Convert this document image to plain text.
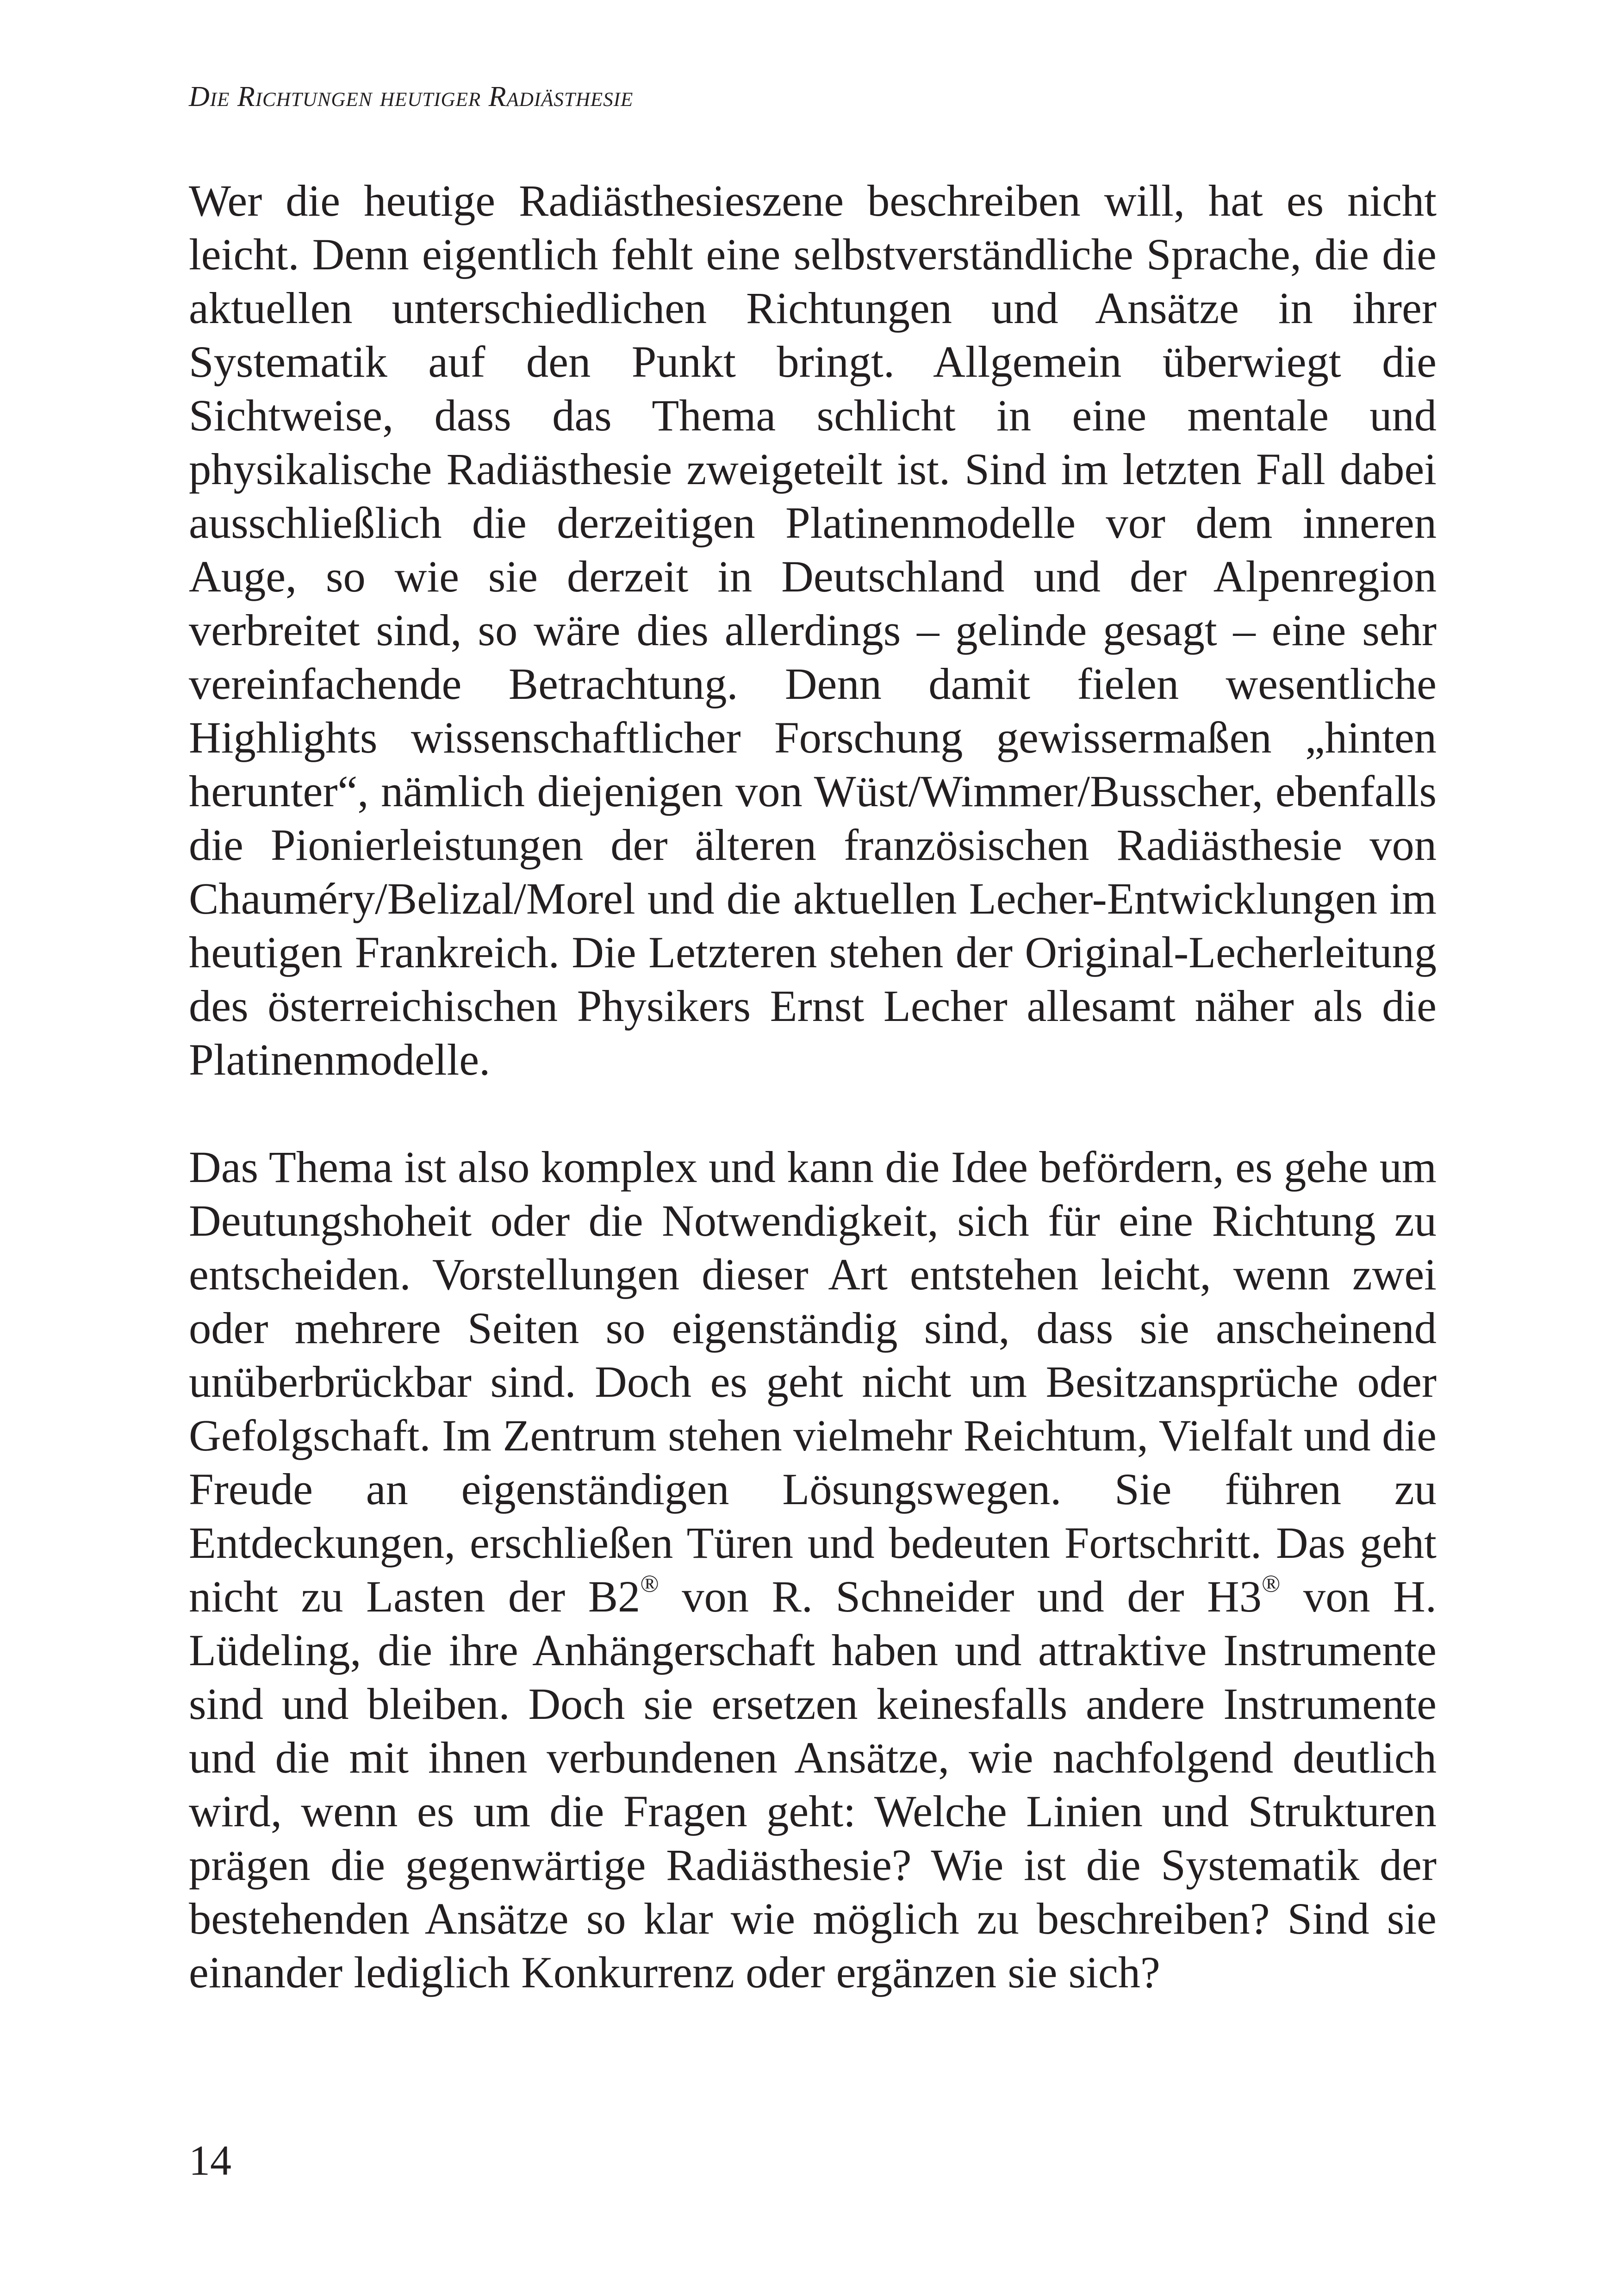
Die Richtungen heutiger Radiästhesie

Wer die heutige Radiästhesieszene beschreiben will, hat es nicht leicht. Denn eigentlich fehlt eine selbstverständliche Sprache, die die aktuellen unterschiedlichen Richtungen und Ansätze in ihrer Systematik auf den Punkt bringt. Allgemein überwiegt die Sichtweise, dass das Thema schlicht in eine mentale und physikalische Radiästhesie zweigeteilt ist. Sind im letzten Fall dabei ausschließlich die derzeitigen Platinenmodelle vor dem inneren Auge, so wie sie derzeit in Deutschland und der Alpenregion verbreitet sind, so wäre dies allerdings – gelinde gesagt – eine sehr vereinfachende Betrachtung. Denn damit fielen wesentliche Highlights wissenschaftlicher Forschung gewissermaßen „hinten herunter“, nämlich diejenigen von Wüst/Wimmer/Busscher, ebenfalls die Pionierleistungen der älteren französischen Radiästhesie von Chauméry/Belizal/Morel und die aktuellen Lecher-Entwicklungen im heutigen Frankreich. Die Letzteren stehen der Original-Lecherleitung des österreichischen Physikers Ernst Lecher allesamt näher als die Platinenmodelle.

Das Thema ist also komplex und kann die Idee befördern, es gehe um Deutungshoheit oder die Notwendigkeit, sich für eine Richtung zu entscheiden. Vorstellungen dieser Art entstehen leicht, wenn zwei oder mehrere Seiten so eigenständig sind, dass sie anscheinend unüberbrückbar sind. Doch es geht nicht um Besitzansprüche oder Gefolgschaft. Im Zentrum stehen vielmehr Reichtum, Vielfalt und die Freude an eigenständigen Lösungswegen. Sie führen zu Entdeckungen, erschließen Türen und bedeuten Fortschritt. Das geht nicht zu Lasten der B2® von R. Schneider und der H3® von H. Lüdeling, die ihre Anhängerschaft haben und attraktive Instrumente sind und bleiben. Doch sie ersetzen keinesfalls andere Instrumente und die mit ihnen verbundenen Ansätze, wie nachfolgend deutlich wird, wenn es um die Fragen geht: Welche Linien und Strukturen prägen die gegenwärtige Radiästhesie? Wie ist die Systematik der bestehenden Ansätze so klar wie möglich zu beschreiben? Sind sie einander lediglich Konkurrenz oder ergänzen sie sich?

14
